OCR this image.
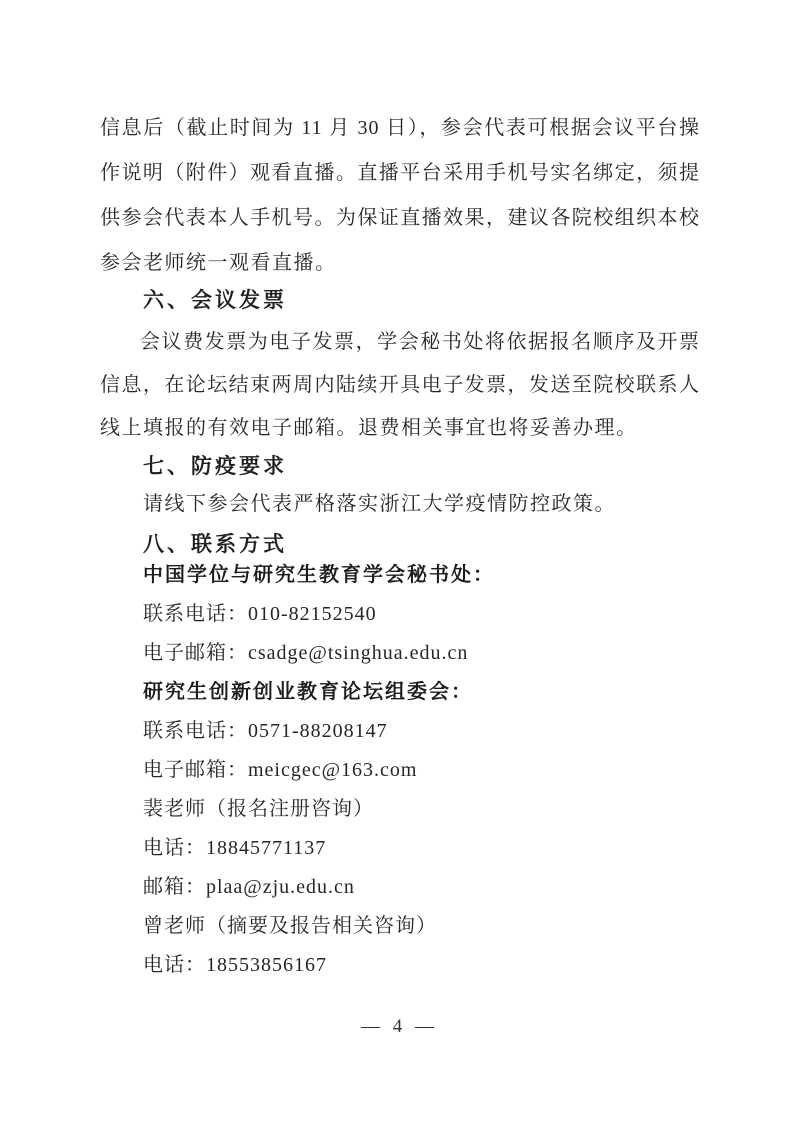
信息后（截止时间为 11 月 30 日），参会代表可根据会议平台操
作说明（附件）观看直播。直播平台采用手机号实名绑定，须提
供参会代表本人手机号。为保证直播效果，建议各院校组织本校
参会老师统一观看直播。
六、会议发票
会议费发票为电子发票，学会秘书处将依据报名顺序及开票
信息，在论坛结束两周内陆续开具电子发票，发送至院校联系人
线上填报的有效电子邮箱。退费相关事宜也将妥善办理。
七、防疫要求
请线下参会代表严格落实浙江大学疫情防控政策。
八、联系方式
中国学位与研究生教育学会秘书处：
联系电话：010-82152540
电子邮箱：csadge@tsinghua.edu.cn
研究生创新创业教育论坛组委会：
联系电话：0571-88208147
电子邮箱：meicgec@163.com
裴老师（报名注册咨询）
电话：18845771137
邮箱：plaa@zju.edu.cn
曾老师（摘要及报告相关咨询）
电话：18553856167
— 4 —
